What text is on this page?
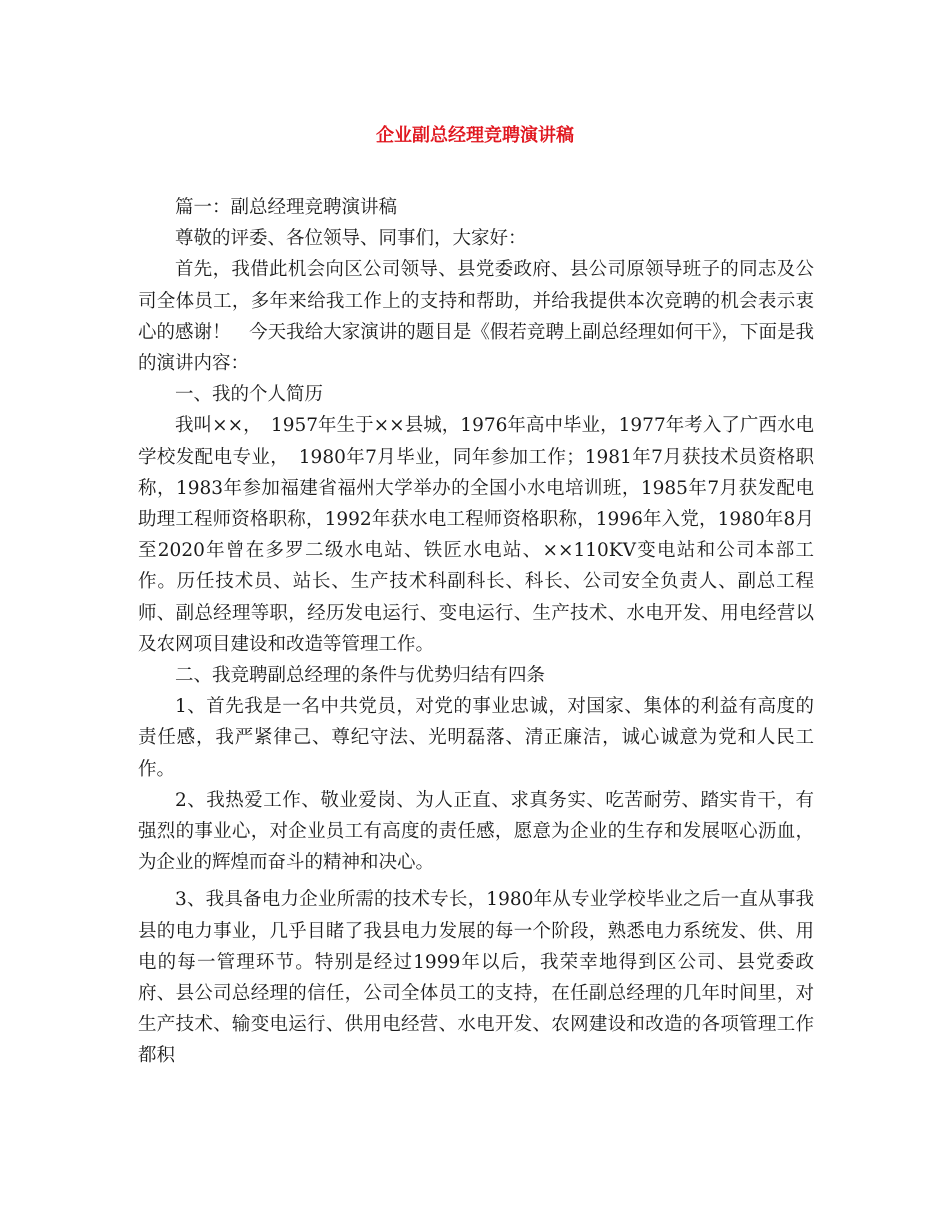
企业副总经理竞聘演讲稿

篇一：副总经理竞聘演讲稿

尊敬的评委、各位领导、同事们，大家好：

首先，我借此机会向区公司领导、县党委政府、县公司原领导班子的同志及公司全体员工，多年来给我工作上的支持和帮助，并给我提供本次竞聘的机会表示衷心的感谢！　今天我给大家演讲的题目是《假若竞聘上副总经理如何干》，下面是我的演讲内容：

一、我的个人简历

我叫××，　1957年生于××县城，1976年高中毕业，1977年考入了广西水电学校发配电专业，　1980年7月毕业，同年参加工作；1981年7月获技术员资格职称，1983年参加福建省福州大学举办的全国小水电培训班，1985年7月获发配电助理工程师资格职称，1992年获水电工程师资格职称，1996年入党，1980年8月至2020年曾在多罗二级水电站、铁匠水电站、××110KV变电站和公司本部工作。历任技术员、站长、生产技术科副科长、科长、公司安全负责人、副总工程师、副总经理等职，经历发电运行、变电运行、生产技术、水电开发、用电经营以及农网项目建设和改造等管理工作。

二、我竞聘副总经理的条件与优势归结有四条

1、首先我是一名中共党员，对党的事业忠诚，对国家、集体的利益有高度的责任感，我严紧律己、尊纪守法、光明磊落、清正廉洁，诚心诚意为党和人民工作。

2、我热爱工作、敬业爱岗、为人正直、求真务实、吃苦耐劳、踏实肯干，有强烈的事业心，对企业员工有高度的责任感，愿意为企业的生存和发展呕心沥血，为企业的辉煌而奋斗的精神和决心。

3、我具备电力企业所需的技术专长，1980年从专业学校毕业之后一直从事我县的电力事业，几乎目睹了我县电力发展的每一个阶段，熟悉电力系统发、供、用电的每一管理环节。特别是经过1999年以后，我荣幸地得到区公司、县党委政府、县公司总经理的信任，公司全体员工的支持，在任副总经理的几年时间里，对生产技术、输变电运行、供用电经营、水电开发、农网建设和改造的各项管理工作都积
